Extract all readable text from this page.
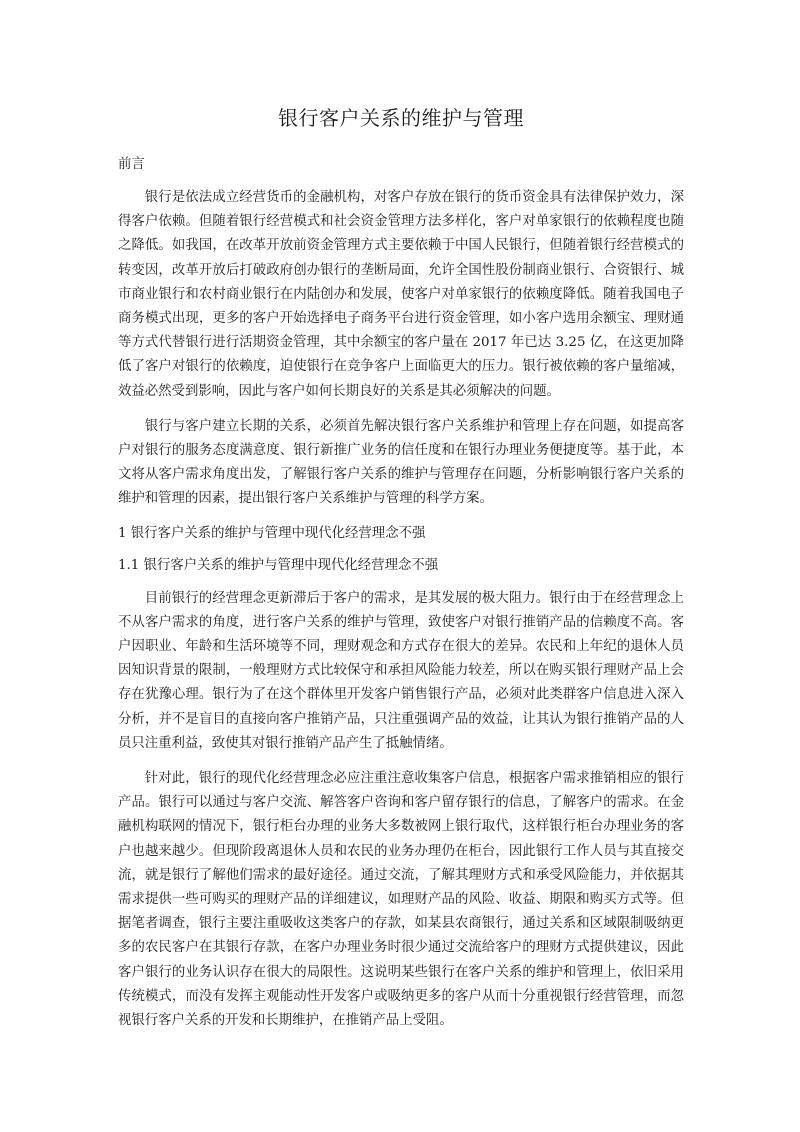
银行客户关系的维护与管理
前言

银行是依法成立经营货币的金融机构，对客户存放在银行的货币资金具有法律保护效力，深得客户依赖。但随着银行经营模式和社会资金管理方法多样化，客户对单家银行的依赖程度也随之降低。如我国，在改革开放前资金管理方式主要依赖于中国人民银行，但随着银行经营模式的转变因，改革开放后打破政府创办银行的垄断局面，允许全国性股份制商业银行、合资银行、城市商业银行和农村商业银行在内陆创办和发展，使客户对单家银行的依赖度降低。随着我国电子商务模式出现，更多的客户开始选择电子商务平台进行资金管理，如小客户选用余额宝、理财通等方式代替银行进行活期资金管理，其中余额宝的客户量在 2017 年已达 3.25 亿，在这更加降低了客户对银行的依赖度，迫使银行在竞争客户上面临更大的压力。银行被依赖的客户量缩减，效益必然受到影响，因此与客户如何长期良好的关系是其必须解决的问题。

银行与客户建立长期的关系，必须首先解决银行客户关系维护和管理上存在问题，如提高客户对银行的服务态度满意度、银行新推广业务的信任度和在银行办理业务便捷度等。基于此，本文将从客户需求角度出发，了解银行客户关系的维护与管理存在问题，分析影响银行客户关系的维护和管理的因素，提出银行客户关系维护与管理的科学方案。

1 银行客户关系的维护与管理中现代化经营理念不强
1.1 银行客户关系的维护与管理中现代化经营理念不强

目前银行的经营理念更新滞后于客户的需求，是其发展的极大阻力。银行由于在经营理念上不从客户需求的角度，进行客户关系的维护与管理，致使客户对银行推销产品的信赖度不高。客户因职业、年龄和生活环境等不同，理财观念和方式存在很大的差异。农民和上年纪的退休人员因知识背景的限制，一般理财方式比较保守和承担风险能力较差，所以在购买银行理财产品上会存在犹豫心理。银行为了在这个群体里开发客户销售银行产品，必须对此类群客户信息进入深入分析，并不是盲目的直接向客户推销产品，只注重强调产品的效益，让其认为银行推销产品的人员只注重利益，致使其对银行推销产品产生了抵触情绪。

针对此，银行的现代化经营理念必应注重注意收集客户信息，根据客户需求推销相应的银行产品。银行可以通过与客户交流、解答客户咨询和客户留存银行的信息，了解客户的需求。在金融机构联网的情况下，银行柜台办理的业务大多数被网上银行取代，这样银行柜台办理业务的客户也越来越少。但现阶段离退休人员和农民的业务办理仍在柜台，因此银行工作人员与其直接交流，就是银行了解他们需求的最好途径。通过交流，了解其理财方式和承受风险能力，并依据其需求提供一些可购买的理财产品的详细建议，如理财产品的风险、收益、期限和购买方式等。但据笔者调查，银行主要注重吸收这类客户的存款，如某县农商银行，通过关系和区域限制吸纳更多的农民客户在其银行存款，在客户办理业务时很少通过交流给客户的理财方式提供建议，因此客户银行的业务认识存在很大的局限性。这说明某些银行在客户关系的维护和管理上，依旧采用传统模式，而没有发挥主观能动性开发客户或吸纳更多的客户从而十分重视银行经营管理，而忽视银行客户关系的开发和长期维护，在推销产品上受阻。
